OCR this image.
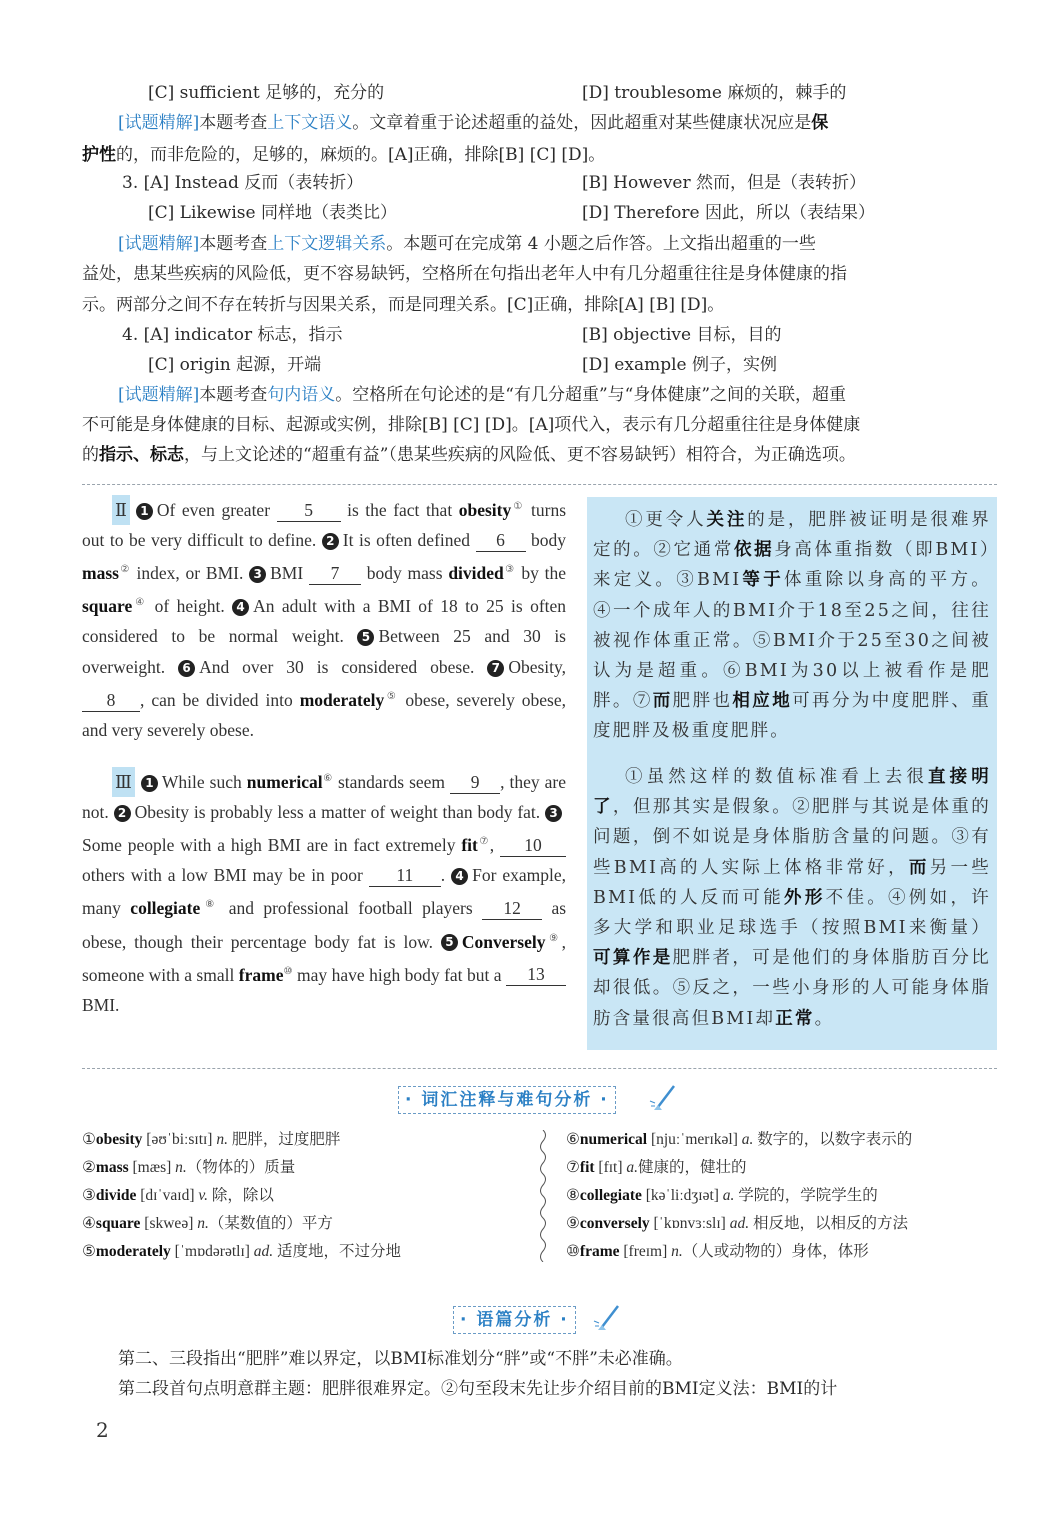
[C] sufficient 足够的，充分的	[D] troublesome 麻烦的，棘手的
[试题精解]本题考查上下文语义。文章着重于论述超重的益处，因此超重对某些健康状况应是保
护性的，而非危险的，足够的，麻烦的。[A]正确，排除[B] [C] [D]。
3. [A] Instead 反而（表转折）	[B] However 然而，但是（表转折）
[C] Likewise 同样地（表类比）	[D] Therefore 因此，所以（表结果）
[试题精解]本题考查上下文逻辑关系。本题可在完成第 4 小题之后作答。上文指出超重的一些
益处，患某些疾病的风险低，更不容易缺钙，空格所在句指出老年人中有几分超重往往是身体健康的指
示。两部分之间不存在转折与因果关系，而是同理关系。[C]正确，排除[A] [B] [D]。
4. [A] indicator 标志，指示	[B] objective 目标，目的
[C] origin 起源，开端	[D] example 例子，实例
[试题精解]本题考查句内语义。空格所在句论述的是“有几分超重”与“身体健康”之间的关联，超重
不可能是身体健康的目标、起源或实例，排除[B] [C] [D]。[A]项代入，表示有几分超重往往是身体健康
的指示、标志，与上文论述的“超重有益”（患某些疾病的风险低、更不容易缺钙）相符合，为正确选项。

Ⅱ 1 Of even greater 5 is the fact that obesity① turns out to be very difficult to define. 2 It is often defined 6 body mass② index, or BMI. 3 BMI 7 body mass divided③ by the square④ of height. 4 An adult with a BMI of 18 to 25 is often considered to be normal weight. 5 Between 25 and 30 is overweight. 6 And over 30 is considered obese. 7 Obesity, 8 , can be divided into moderately⑤ obese, severely obese, and very severely obese.

Ⅲ 1 While such numerical⑥ standards seem 9 , they are not. 2 Obesity is probably less a matter of weight than body fat. 3Some people with a high BMI are in fact extremely fit⑦, 10 others with a low BMI may be in poor 11 . 4 For example, many collegiate⑧ and professional football players 12 as obese, though their percentage body fat is low. 5 Conversely⑨, someone with a small frame⑩ may have high body fat but a 13 BMI.

①更令人关注的是，肥胖被证明是很难界定的。②它通常依据身高体重指数（即BMI）来定义。③BMI等于体重除以身高的平方。④一个成年人的BMI介于18至25之间，往往被视作体重正常。⑤BMI介于25至30之间被认为是超重。⑥BMI为30以上被看作是肥胖。⑦而肥胖也相应地可再分为中度肥胖、重度肥胖及极重度肥胖。

①虽然这样的数值标准看上去很直接明了，但那其实是假象。②肥胖与其说是体重的问题，倒不如说是身体脂肪含量的问题。③有些BMI高的人实际上体格非常好，而另一些BMI低的人反而可能外形不佳。④例如，许多大学和职业足球选手（按照BMI来衡量）可算作是肥胖者，可是他们的身体脂肪百分比却很低。⑤反之，一些小身形的人可能身体脂肪含量很高但BMI却正常。

· 词汇注释与难句分析 ·
①obesity [əʊˈbiːsɪtɪ] n. 肥胖，过度肥胖
②mass [mæs] n.（物体的）质量
③divide [dɪˈvaɪd] v. 除，除以
④square [skweə] n.（某数值的）平方
⑤moderately [ˈmɒdərətlɪ] ad. 适度地，不过分地
⑥numerical [njuːˈmerɪkəl] a. 数字的，以数字表示的
⑦fit [fɪt] a.健康的，健壮的
⑧collegiate [kəˈliːdʒɪət] a. 学院的，学院学生的
⑨conversely [ˈkɒnvɜːslɪ] ad. 相反地，以相反的方法
⑩frame [freɪm] n.（人或动物的）身体，体形
· 语篇分析 ·
第二、三段指出“肥胖”难以界定，以BMI标准划分“胖”或“不胖”未必准确。
第二段首句点明意群主题：肥胖很难界定。②句至段末先让步介绍目前的BMI定义法：BMI的计
2
